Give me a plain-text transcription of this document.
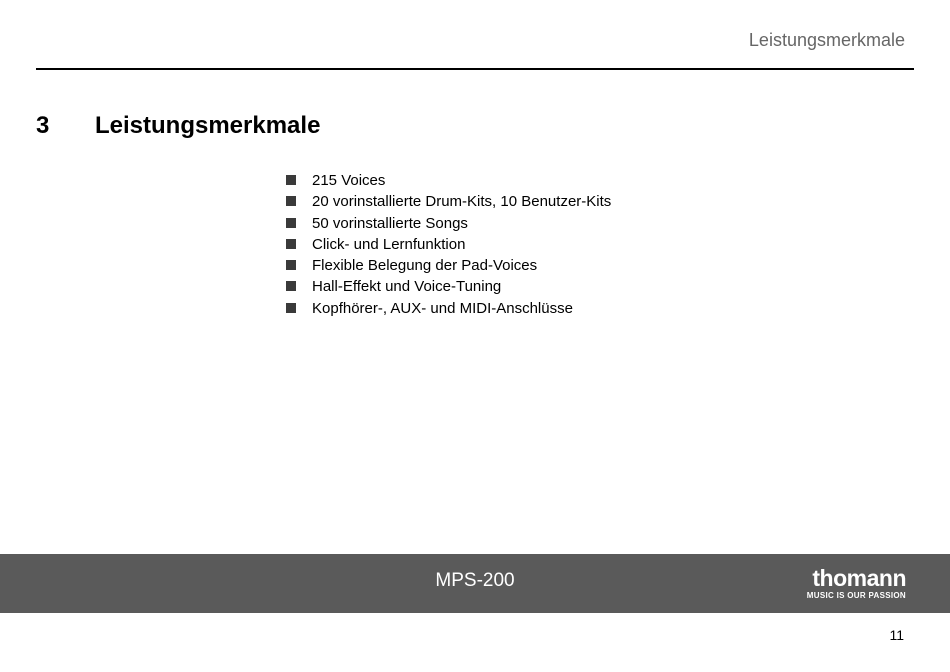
Leistungsmerkmale
3 Leistungsmerkmale
215 Voices
20 vorinstallierte Drum-Kits, 10 Benutzer-Kits
50 vorinstallierte Songs
Click- und Lernfunktion
Flexible Belegung der Pad-Voices
Hall-Effekt und Voice-Tuning
Kopfhörer-, AUX- und MIDI-Anschlüsse
MPS-200	thomann
MUSIC IS OUR PASSION
11
